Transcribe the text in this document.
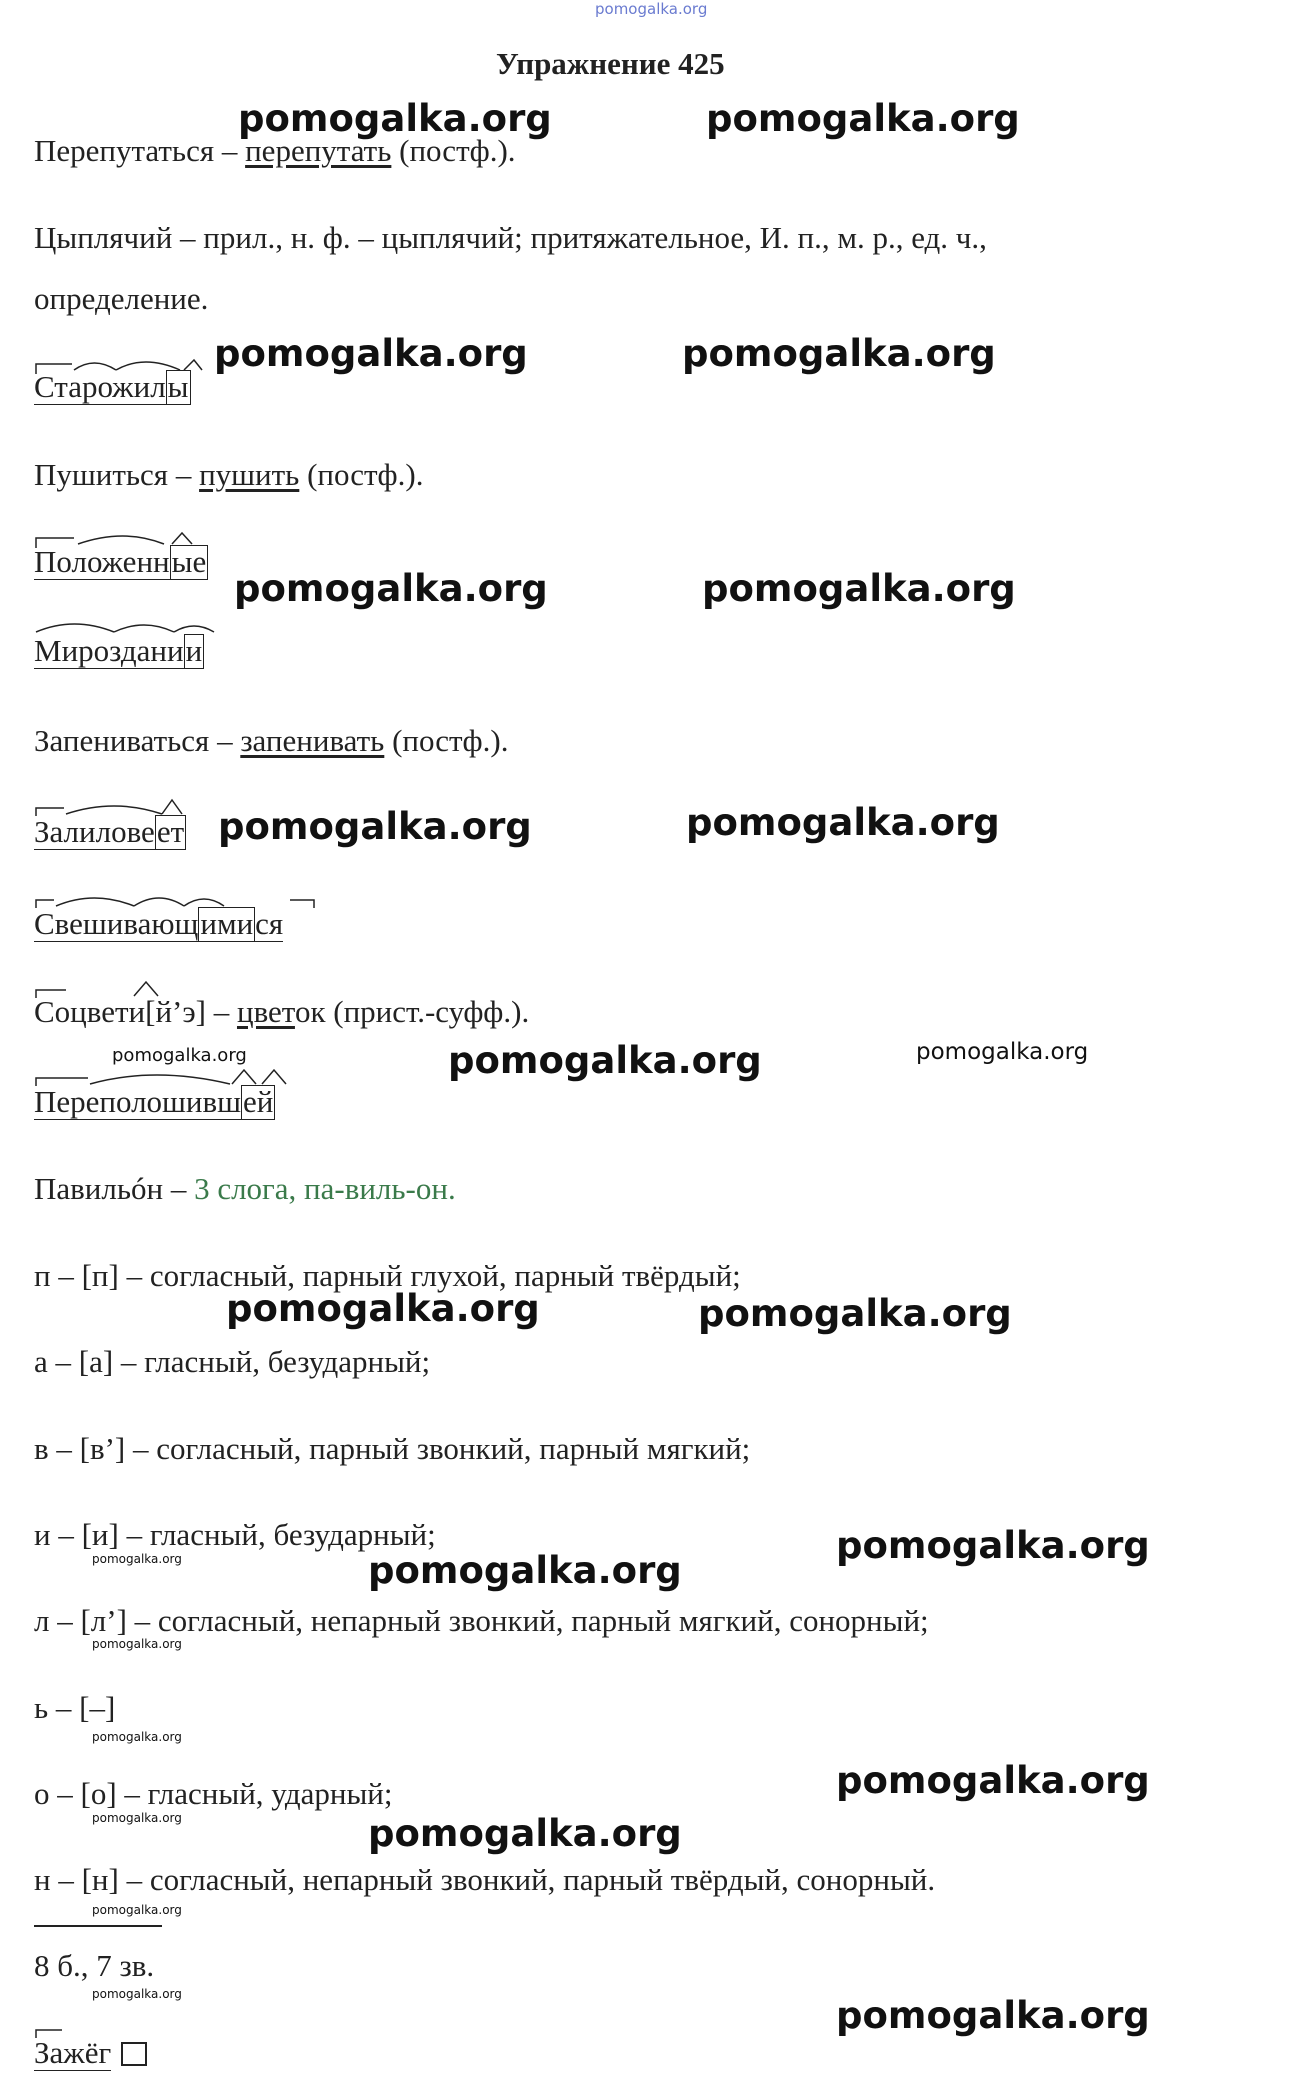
pomogalka.org
Упражнение 425
Перепутаться – перепутать (постф.).
Цыплячий – прил., н. ф. – цыплячий; притяжательное, И. п., м. р., ед. ч.,
определение.
Старожилы
Пушиться – пушить (постф.).
Положенные
Мироздании
Запениваться – запенивать (постф.).
Залиловеет
Свешивающимися
Соцвети[й’э] – цветок (прист.-суфф.).
Переполошившей
Павильóн – 3 слога, па-виль-он.
п – [п] – согласный, парный глухой, парный твёрдый;
а – [а] – гласный, безударный;
в – [в’] – согласный, парный звонкий, парный мягкий;
и – [и] – гласный, безударный;
л – [л’] – согласный, непарный звонкий, парный мягкий, сонорный;
ь – [–]
о – [о] – гласный, ударный;
н – [н] – согласный, непарный звонкий, парный твёрдый, сонорный.
8 б., 7 зв.
Зажёг
pomogalka.org	pomogalka.org
pomogalka.org	pomogalka.org
pomogalka.org	pomogalka.org
pomogalka.org	pomogalka.org
pomogalka.org
pomogalka.org	pomogalka.org
pomogalka.org
pomogalka.org
pomogalka.org
pomogalka.org
pomogalka.org
pomogalka.org
pomogalka.org
pomogalka.org
pomogalka.org
pomogalka.org
pomogalka.org
pomogalka.org
pomogalka.org
